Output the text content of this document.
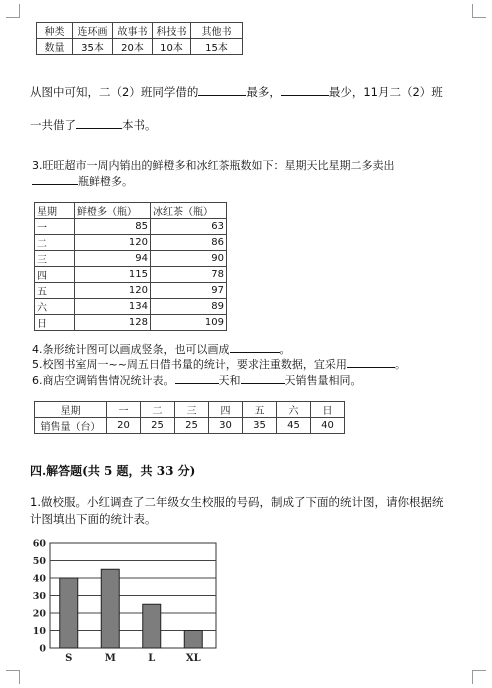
种类	连环画	故事书	科技书	其他书
数量	35本	20本	10本	15本
从图中可知，二（2）班同学借的	最多，	最少，11月二（2）班
一共借了	本书。
3.旺旺超市一周内销出的鲜橙多和冰红茶瓶数如下：星期天比星期二多卖出
瓶鲜橙多。
星期	鲜橙多（瓶）	冰红茶（瓶）
一	85	63
二	120	86
三	94	90
四	115	78
五	120	97
六	134	89
日	128	109
4.条形统计图可以画成竖条，也可以画成	。
5.校图书室周一~~周五日借书量的统计，要求注重数据，宜采用	。
6.商店空调销售情况统计表。	天和	天销售量相同。
星期	一	二	三	四	五	六	日
销售量（台）	20	25	25	30	35	45	40
四.解答题(共 5 题，共 33 分)
1.做校服。小红调查了二年级女生校服的号码，制成了下面的统计图，请你根据统
计图填出下面的统计表。
0
10
20
30
40
50
60
S	M	L	XL
